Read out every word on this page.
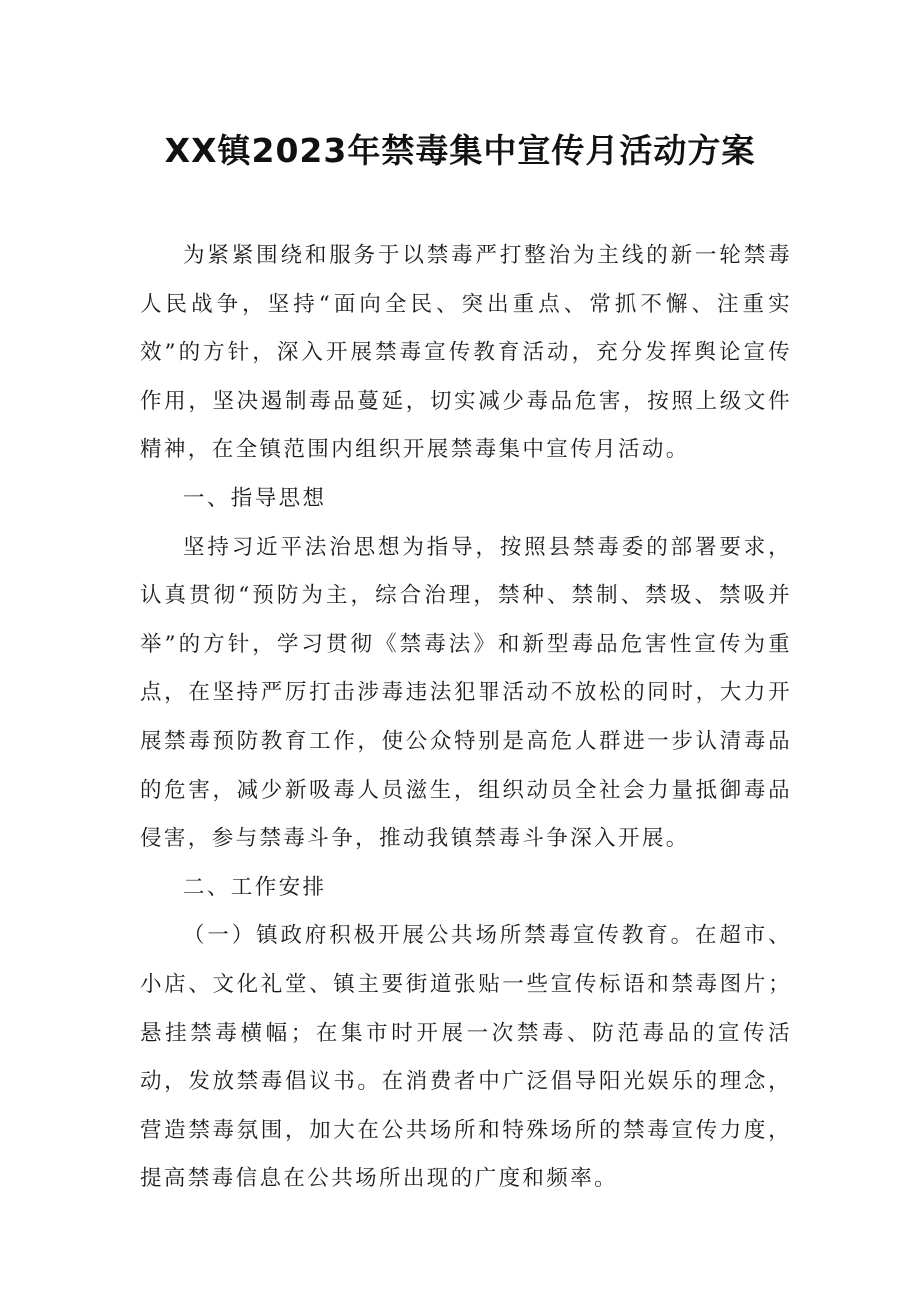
XX镇2023年禁毒集中宣传月活动方案

为紧紧围绕和服务于以禁毒严打整治为主线的新一轮禁毒人民战争，坚持“面向全民、突出重点、常抓不懈、注重实效”的方针，深入开展禁毒宣传教育活动，充分发挥舆论宣传作用，坚决遏制毒品蔓延，切实减少毒品危害，按照上级文件精神，在全镇范围内组织开展禁毒集中宣传月活动。

一、指导思想

坚持习近平法治思想为指导，按照县禁毒委的部署要求，认真贯彻“预防为主，综合治理，禁种、禁制、禁圾、禁吸并举”的方针，学习贯彻《禁毒法》和新型毒品危害性宣传为重点，在坚持严厉打击涉毒违法犯罪活动不放松的同时，大力开展禁毒预防教育工作，使公众特别是高危人群进一步认清毒品的危害，减少新吸毒人员滋生，组织动员全社会力量抵御毒品侵害，参与禁毒斗争，推动我镇禁毒斗争深入开展。

二、工作安排

（一）镇政府积极开展公共场所禁毒宣传教育。在超市、小店、文化礼堂、镇主要街道张贴一些宣传标语和禁毒图片；悬挂禁毒横幅；在集市时开展一次禁毒、防范毒品的宣传活动，发放禁毒倡议书。在消费者中广泛倡导阳光娱乐的理念，营造禁毒氛围，加大在公共场所和特殊场所的禁毒宣传力度，提高禁毒信息在公共场所出现的广度和频率。
